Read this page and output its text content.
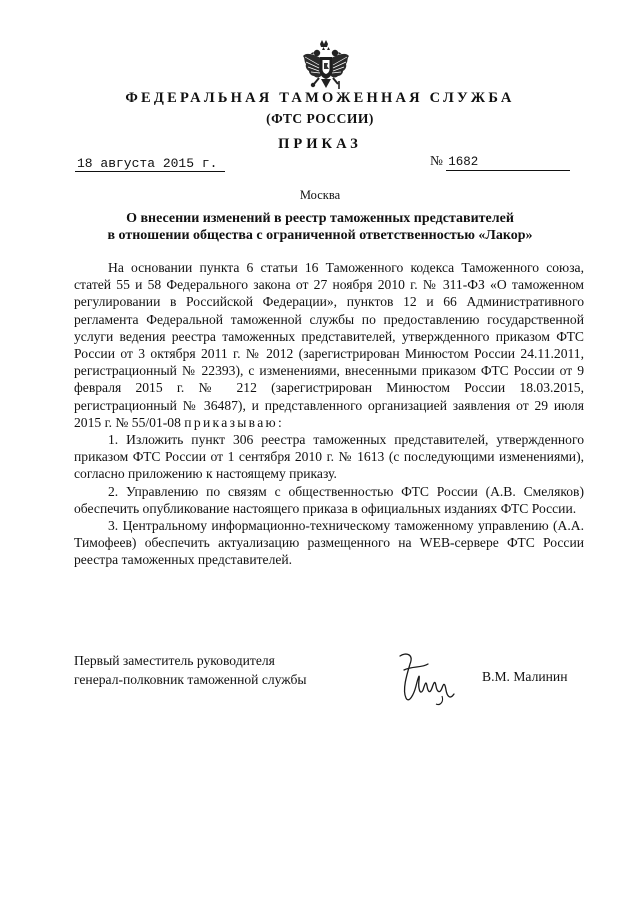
ФЕДЕРАЛЬНАЯ ТАМОЖЕННАЯ СЛУЖБА
(ФТС РОССИИ)
ПРИКАЗ
18 августа 2015 г.	№ 1682
Москва
О внесении изменений в реестр таможенных представителей
в отношении общества с ограниченной ответственностью «Лакор»

На основании пункта 6 статьи 16 Таможенного кодекса Таможенного союза, статей 55 и 58 Федерального закона от 27 ноября 2010 г. № 311-ФЗ «О таможенном регулировании в Российской Федерации», пунктов 12 и 66 Административного регламента Федеральной таможенной службы по предоставлению государственной услуги ведения реестра таможенных представителей, утвержденного приказом ФТС России от 3 октября 2011 г. № 2012 (зарегистрирован Минюстом России 24.11.2011, регистрационный № 22393), с изменениями, внесенными приказом ФТС России от 9 февраля 2015 г. № 212 (зарегистрирован Минюстом России 18.03.2015, регистрационный № 36487), и представленного организацией заявления от 29 июля 2015 г. № 55/01-08 приказываю:

1. Изложить пункт 306 реестра таможенных представителей, утвержденного приказом ФТС России от 1 сентября 2010 г. № 1613 (с последующими изменениями), согласно приложению к настоящему приказу.

2. Управлению по связям с общественностью ФТС России (А.В. Смеляков) обеспечить опубликование настоящего приказа в официальных изданиях ФТС России.

3. Центральному информационно-техническому таможенному управлению (А.А. Тимофеев) обеспечить актуализацию размещенного на WEB-сервере ФТС России реестра таможенных представителей.

Первый заместитель руководителя
генерал-полковник таможенной службы	В.М. Малинин
